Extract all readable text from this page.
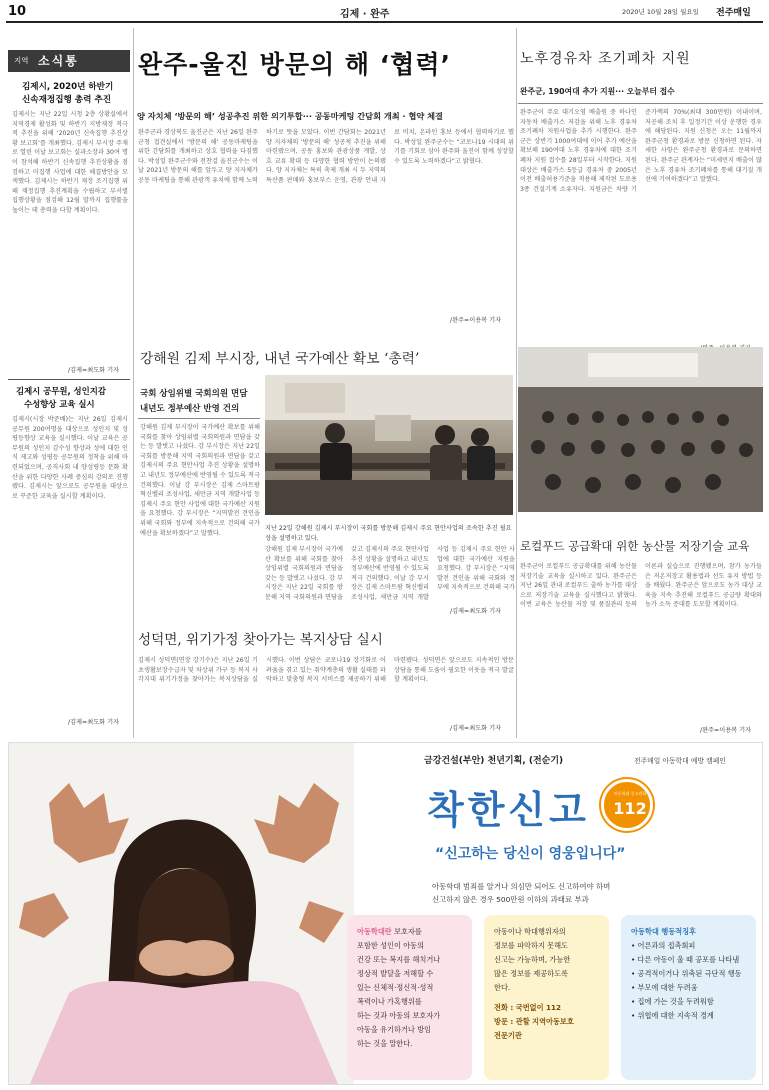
10	김제 · 완주	2020년 10월 28일 월요일 전주매일
지역 소식통
김제시, 2020년 하반기
신속재정집행 총력 추진
김제시는 지난 22일 시청 2층 상황실에서 지역경제 활성화 및 하반기 지방재정 적극적 추진을 위해 ‘2020년 신속집행 추진상황 보고회’를 개최했다. 김제시 부시장 주재로 열린 이날 보고회는 실과소장과 30여 명이 참석해 하반기 신속집행 추진상황을 점검하고 미집행 사업에 대한 해결방안을 모색했다. 김제시는 하반기 재정 조기집행 위해 재정집행 추진계획을 수립하고 부서별 집행상황을 점검해 12월 말까지 집행률을 높이는 데 총력을 다할 계획이다.
/김제=최도화 기자
김제시 공무원, 성인지감
수성향상 교육 실시
김제시(시장 박준배)는 지난 26일 김제시 공무원 200여명을 대상으로 성인지 및 성평등향상 교육을 실시했다. 이날 교육은 공무원의 성인지 감수성 향상과 성에 대한 인식 제고와 성평등 공무원의 정착을 위해 마련되었으며, 공직사회 내 양성평등 문화 확산을 위한 다양한 사례 중심의 강의로 진행됐다. 김제시는 앞으로도 공무원을 대상으로 꾸준한 교육을 실시할 계획이다.
/김제=최도화 기자
완주-울진 방문의 해 ‘협력’
양 자치체 ‘방문의 해’ 성공추진 위한 의기투합··· 공동마케팅 간담회 개최 · 협약 체결
완주군과 경상북도 울진군은 지난 26일 완주군청 접견실에서 ‘방문의 해’ 공동마케팅을 위한 간담회를 개최하고 상호 협력을 다짐했다. 박성일 완주군수와 전찬걸 울진군수는 이날 2021년 방문의 해를 앞두고 양 지자체가 공동 마케팅을 통해 관광객 유치에 함께 노력하기로 뜻을 모았다. 이번 간담회는 2021년 양 지자체의 ‘방문의 해’ 성공적 추진을 위해 마련됐으며, 공동 홍보와 관광상품 개발, 상호 교류 확대 등 다양한 협력 방안이 논의됐다. 양 지자체는 특히 축제 개최 시 두 지역의 특산품 판매와 홍보부스 운영, 관광 안내 자료 비치, 온라인 홍보 등에서 협력하기로 했다. 박성일 완주군수는 “코로나19 시대의 위기를 기회로 삼아 완주와 울진이 함께 성장할 수 있도록 노력하겠다”고 밝혔다.
/완주=이용복 기자
노후경유차 조기폐차 지원
완주군, 190여대 추가 지원··· 오늘부터 접수
완주군이 주요 대기오염 배출원 중 하나인 자동차 배출가스 저감을 위해 노후 경유차 조기폐차 지원사업을 추가 시행한다. 완주군은 상반기 1000여대에 이어 추가 예산을 확보해 190여대 노후 경유차에 대한 조기폐차 지원 접수를 28일부터 시작한다. 지원대상은 배출가스 5등급 경유차 중 2005년 이전 배출허용기준을 적용해 제작된 도로용 3종 건설기계 소유자다. 지원금은 차량 기준가액의 70%(최대 300만원) 이내이며, 저공해 조치 후 일정기간 이상 운행한 경우에 해당된다. 지원 신청은 오는 11월까지 완주군청 환경과로 방문 신청하면 된다. 자세한 사항은 완주군청 환경과로 문의하면 된다. 완주군 관계자는 “미세먼지 배출이 많은 노후 경유차 조기폐차를 통해 대기질 개선에 기여하겠다”고 말했다.
강해원 김제 부시장, 내년 국가예산 확보 ‘총력’
국회 상임위별 국회의원 면담
내년도 정부예산 반영 건의
강해원 김제 부시장이 국가예산 확보를 위해 국회를 찾아 상임위별 국회의원과 면담을 갖는 등 발벗고 나섰다. 강 부시장은 지난 22일 국회를 방문해 지역 국회의원과 면담을 갖고 김제시의 주요 현안사업 추진 상황을 설명하고 내년도 정부예산에 반영될 수 있도록 적극 건의했다. 이날 강 부시장은 김제 스마트팜 혁신밸리 조성사업, 새만금 지역 개발사업 등 김제시 주요 현안 사업에 대한 국가예산 지원을 요청했다. 강 부시장은 “지역발전 견인을 위해 국회와 정부에 지속적으로 건의해 국가예산을 확보하겠다”고 말했다.
지난 22일 강해원 김제시 부시장이 국회를 방문해 김제시 주요 현안사업의 조속한 추진 필요성을 설명하고 있다.
강해원 김제 부시장이 국가예산 확보를 위해 국회를 찾아 상임위별 국회의원과 면담을 갖는 등 발벗고 나섰다. 강 부시장은 지난 22일 국회를 방문해 지역 국회의원과 면담을 갖고 김제시의 주요 현안사업 추진 상황을 설명하고 내년도 정부예산에 반영될 수 있도록 적극 건의했다. 이날 강 부시장은 김제 스마트팜 혁신밸리 조성사업, 새만금 지역 개발사업 등 김제시 주요 현안 사업에 대한 국가예산 지원을 요청했다. 강 부시장은 “지역발전 견인을 위해 국회와 정부에 지속적으로 건의해 국가
/김제=최도화 기자
로컬푸드 공급확대 위한 농산물 저장기술 교육
완주군이 로컬푸드 공급확대를 위해 농산물 저장기술 교육을 실시하고 있다. 완주군은 지난 26일 관내 로컬푸드 출하 농가를 대상으로 저장기술 교육을 실시했다고 밝혔다. 이번 교육은 농산물 저장 및 품질관리 등의 이론과 실습으로 진행됐으며, 참가 농가들은 저온저장고 활용법과 선도 유지 방법 등을 배웠다. 완주군은 앞으로도 농가 대상 교육을 지속 추진해 로컬푸드 공급량 확대와 농가 소득 증대를 도모할 계획이다.
/완주=이용복 기자
성덕면, 위기가정 찾아가는 복지상담 실시
김제시 성덕면(면장 강기수)은 지난 26일 기초생활보장수급자 및 차상위 가구 등 복지 사각지대 위기가정을 찾아가는 복지상담을 실시했다. 이번 상담은 코로나19 장기화로 어려움을 겪고 있는 취약계층의 생활 실태를 파악하고 맞춤형 복지 서비스를 제공하기 위해 마련됐다. 성덕면은 앞으로도 지속적인 방문 상담을 통해 도움이 필요한 이웃을 적극 발굴할 계획이다.
/김제=최도화 기자
금강건설(부안) 천년기획, (전순기)	전주매일 아동학대 예방 캠페인
착한신고	아동학대 신고전화
112
“신고하는 당신이 영웅입니다”
아동학대 범죄를 알거나 의심만 되어도 신고하여야 하며
신고하지 않은 경우 500만원 이하의 과태료 부과
아동학대란 보호자를
포함한 성인이 아동의
건강 또는 복지를 해치거나
정상적 발달을 저해할 수
있는 신체적·정신적·성적
폭력이나 가혹행위를
하는 것과 아동의 보호자가
아동을 유기하거나 방임
하는 것을 말한다.
아동이나 학대행위자의
정보를 파악하지 못해도
신고는 가능하며, 가능한
많은 정보를 제공하도록
한다.
전화 : 국번없이 112
방문 : 관할 지역아동보호
전문기관
아동학대 행동적징후
• 어른과의 접촉회피
• 다른 아동이 울 때 공포를 나타냄
• 공격적이거나 위축된 극단적 행동
• 부모에 대한 두려움
• 집에 가는 것을 두려워함
• 위협에 대한 지속적 경계
